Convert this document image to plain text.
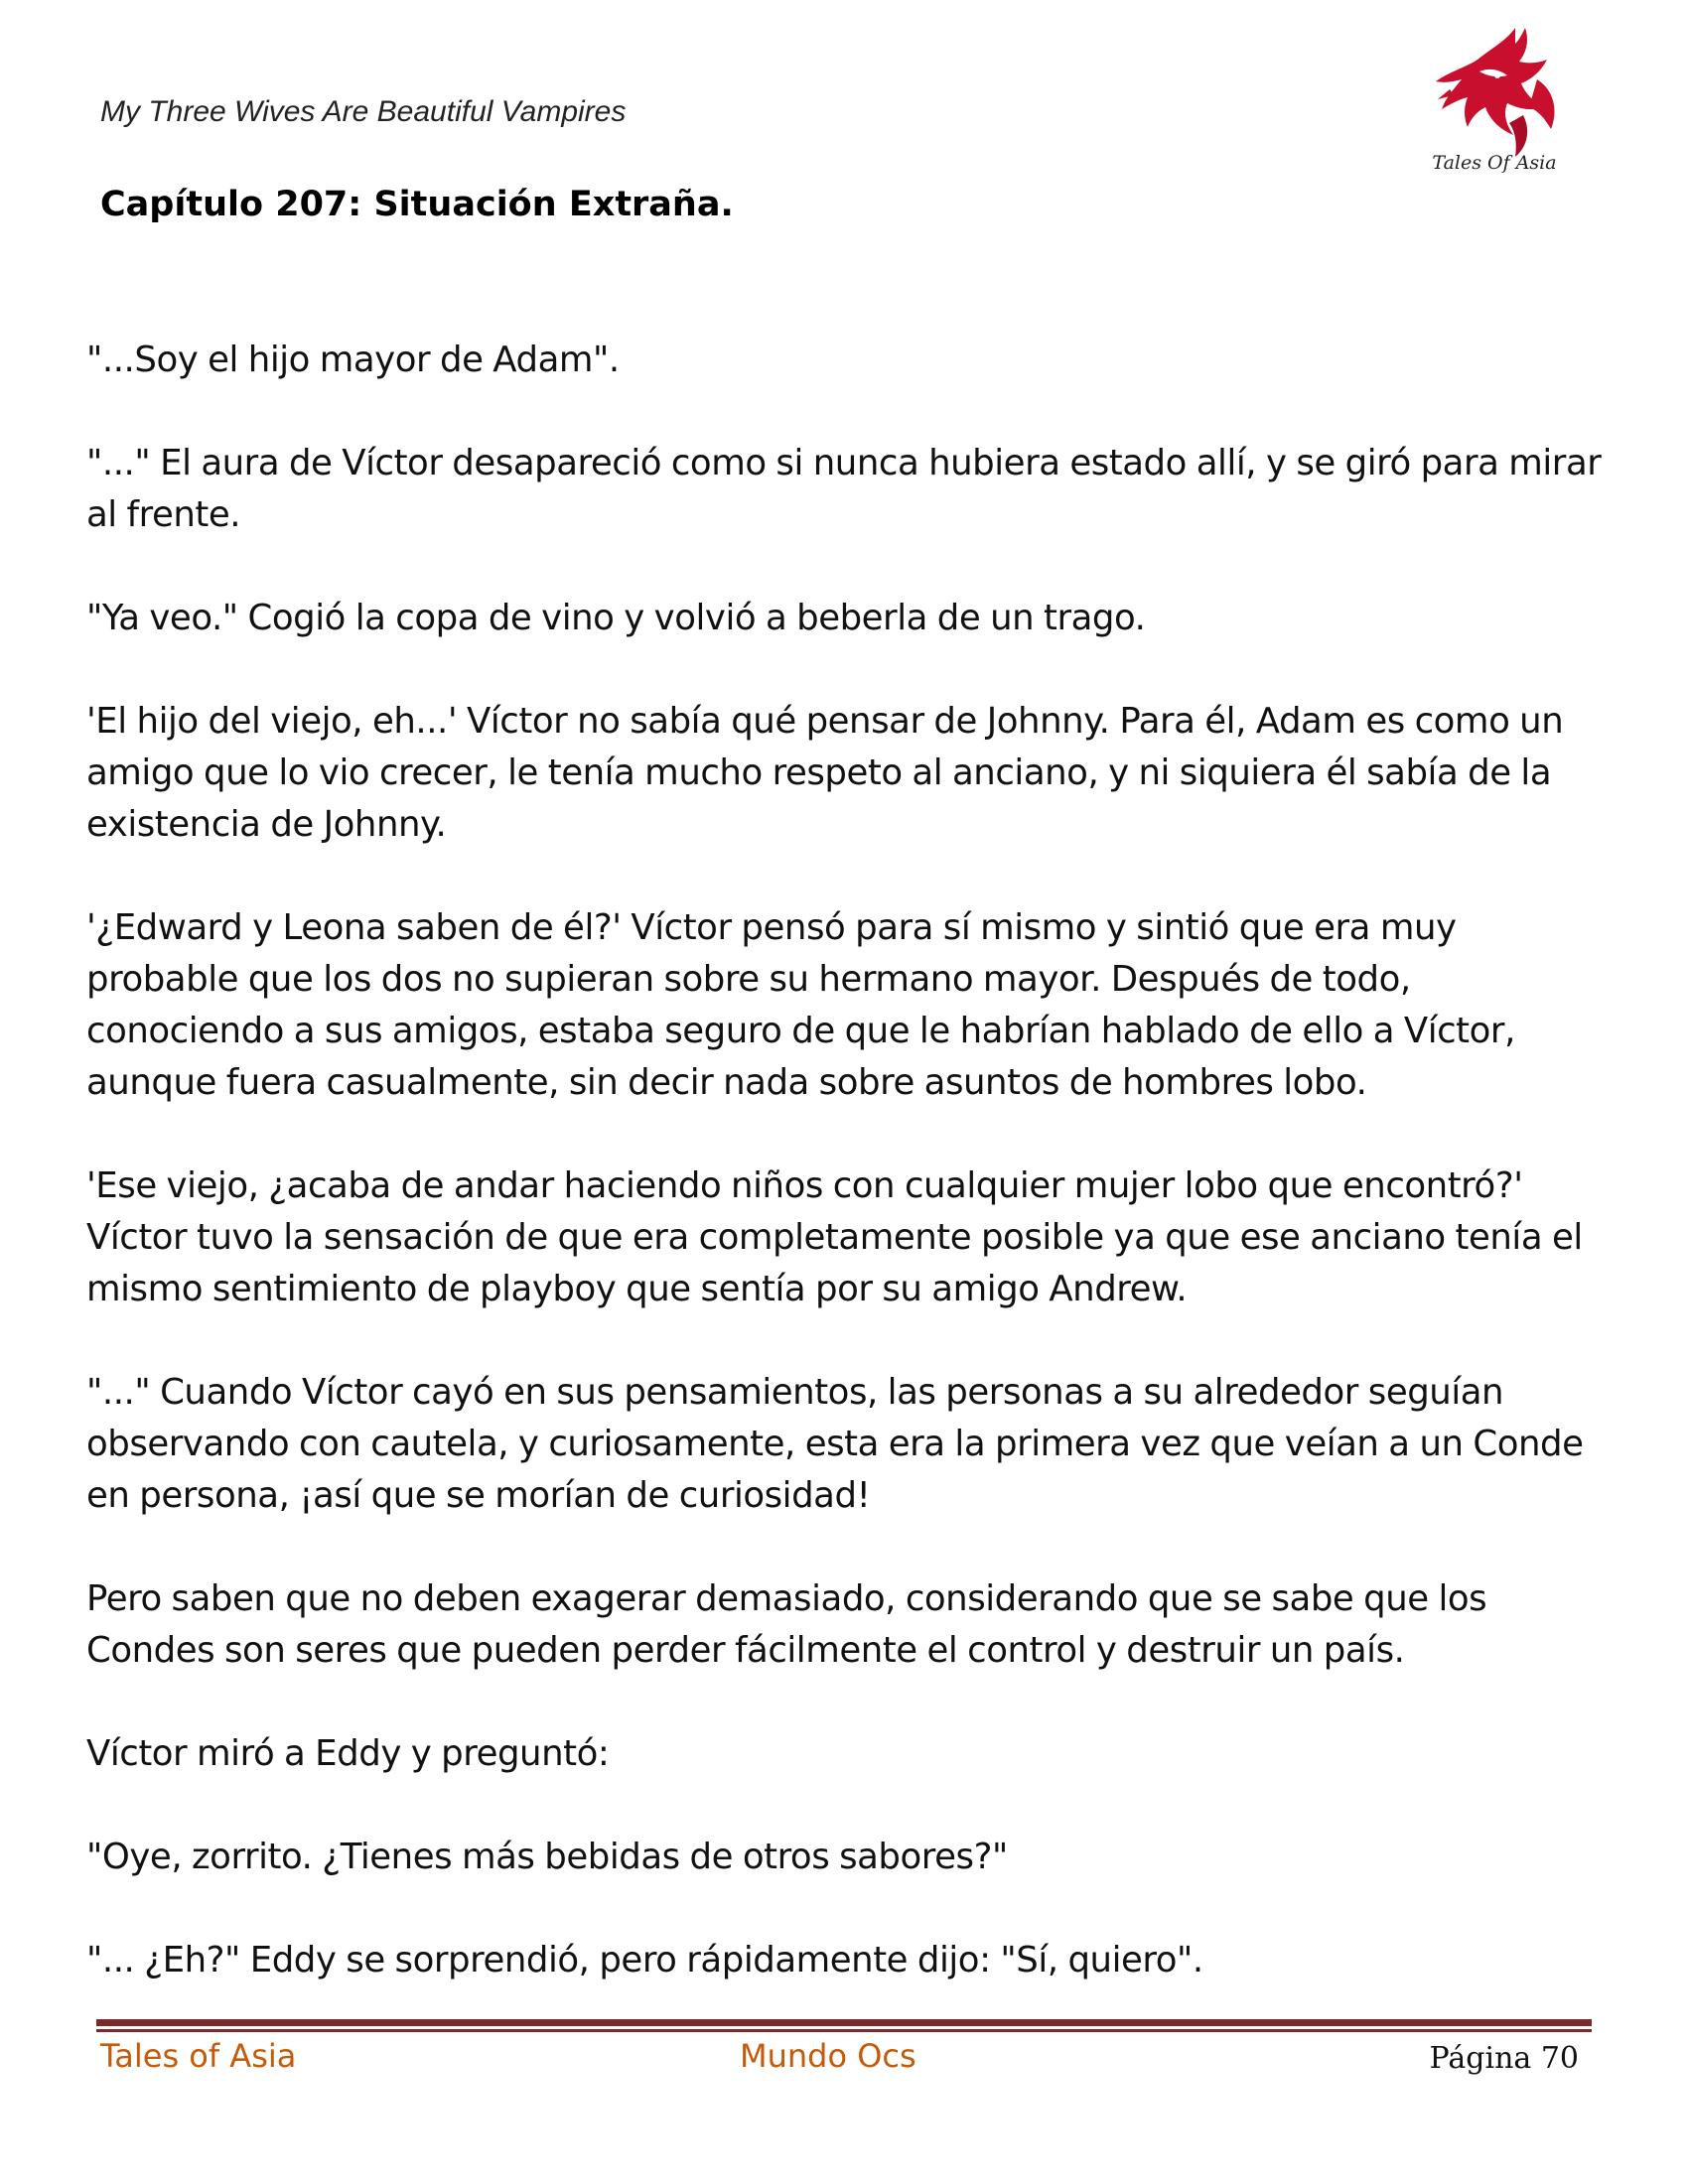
My Three Wives Are Beautiful Vampires

Tales Of Asia
Capítulo 207: Situación Extraña.

"...Soy el hijo mayor de Adam".

"..." El aura de Víctor desapareció como si nunca hubiera estado allí, y se giró para mirar al frente.

"Ya veo." Cogió la copa de vino y volvió a beberla de un trago.

'El hijo del viejo, eh...' Víctor no sabía qué pensar de Johnny. Para él, Adam es como un amigo que lo vio crecer, le tenía mucho respeto al anciano, y ni siquiera él sabía de la existencia de Johnny.

'¿Edward y Leona saben de él?' Víctor pensó para sí mismo y sintió que era muy probable que los dos no supieran sobre su hermano mayor. Después de todo, conociendo a sus amigos, estaba seguro de que le habrían hablado de ello a Víctor, aunque fuera casualmente, sin decir nada sobre asuntos de hombres lobo.

'Ese viejo, ¿acaba de andar haciendo niños con cualquier mujer lobo que encontró?' Víctor tuvo la sensación de que era completamente posible ya que ese anciano tenía el mismo sentimiento de playboy que sentía por su amigo Andrew.

"..." Cuando Víctor cayó en sus pensamientos, las personas a su alrededor seguían observando con cautela, y curiosamente, esta era la primera vez que veían a un Conde en persona, ¡así que se morían de curiosidad!

Pero saben que no deben exagerar demasiado, considerando que se sabe que los Condes son seres que pueden perder fácilmente el control y destruir un país.

Víctor miró a Eddy y preguntó:

"Oye, zorrito. ¿Tienes más bebidas de otros sabores?"

"... ¿Eh?" Eddy se sorprendió, pero rápidamente dijo: "Sí, quiero".

Tales of Asia	Mundo Ocs	Página 70
